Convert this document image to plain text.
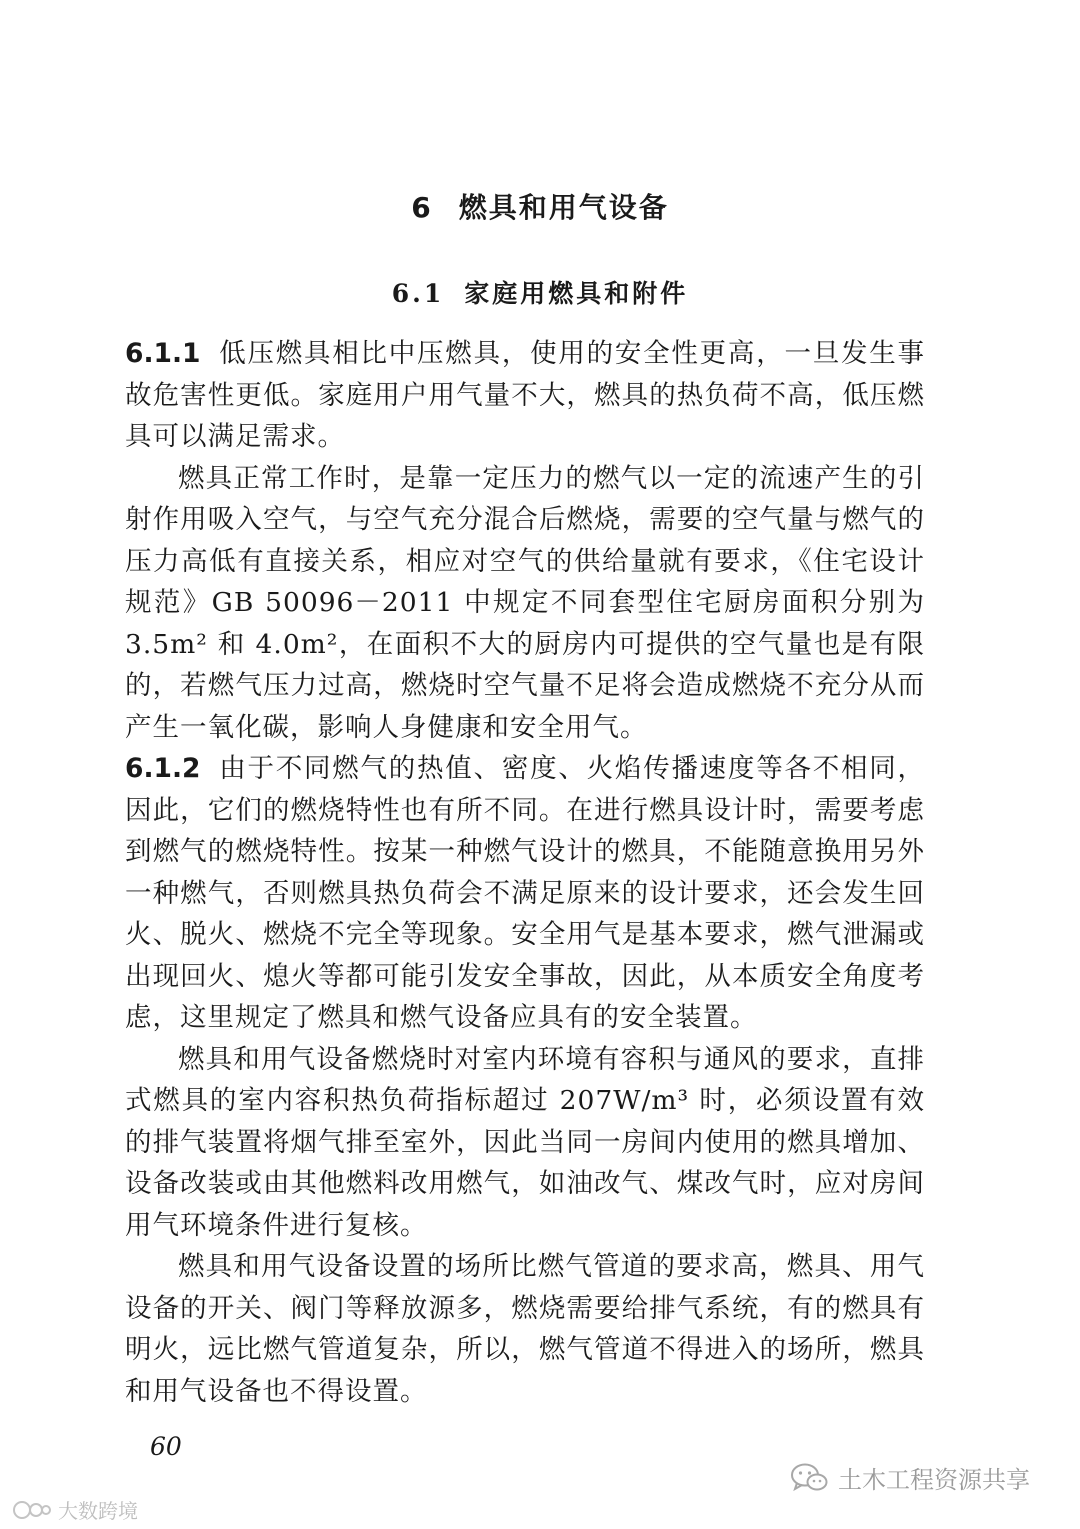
6 燃具和用气设备
6.1 家庭用燃具和附件

6.1.1 低压燃具相比中压燃具，使用的安全性更高，一旦发生事故危害性更低。家庭用户用气量不大，燃具的热负荷不高，低压燃具可以满足需求。

燃具正常工作时，是靠一定压力的燃气以一定的流速产生的引射作用吸入空气，与空气充分混合后燃烧，需要的空气量与燃气的压力高低有直接关系，相应对空气的供给量就有要求，《住宅设计规范》GB 50096－2011 中规定不同套型住宅厨房面积分别为 3.5m² 和 4.0m²，在面积不大的厨房内可提供的空气量也是有限的，若燃气压力过高，燃烧时空气量不足将会造成燃烧不充分从而产生一氧化碳，影响人身健康和安全用气。

6.1.2 由于不同燃气的热值、密度、火焰传播速度等各不相同，因此，它们的燃烧特性也有所不同。在进行燃具设计时，需要考虑到燃气的燃烧特性。按某一种燃气设计的燃具，不能随意换用另外一种燃气，否则燃具热负荷会不满足原来的设计要求，还会发生回火、脱火、燃烧不完全等现象。安全用气是基本要求，燃气泄漏或出现回火、熄火等都可能引发安全事故，因此，从本质安全角度考虑，这里规定了燃具和燃气设备应具有的安全装置。

燃具和用气设备燃烧时对室内环境有容积与通风的要求，直排式燃具的室内容积热负荷指标超过 207W/m³ 时，必须设置有效的排气装置将烟气排至室外，因此当同一房间内使用的燃具增加、设备改装或由其他燃料改用燃气，如油改气、煤改气时，应对房间用气环境条件进行复核。

燃具和用气设备设置的场所比燃气管道的要求高，燃具、用气设备的开关、阀门等释放源多，燃烧需要给排气系统，有的燃具有明火，远比燃气管道复杂，所以，燃气管道不得进入的场所，燃具和用气设备也不得设置。

60
土木工程资源共享
大数跨境
